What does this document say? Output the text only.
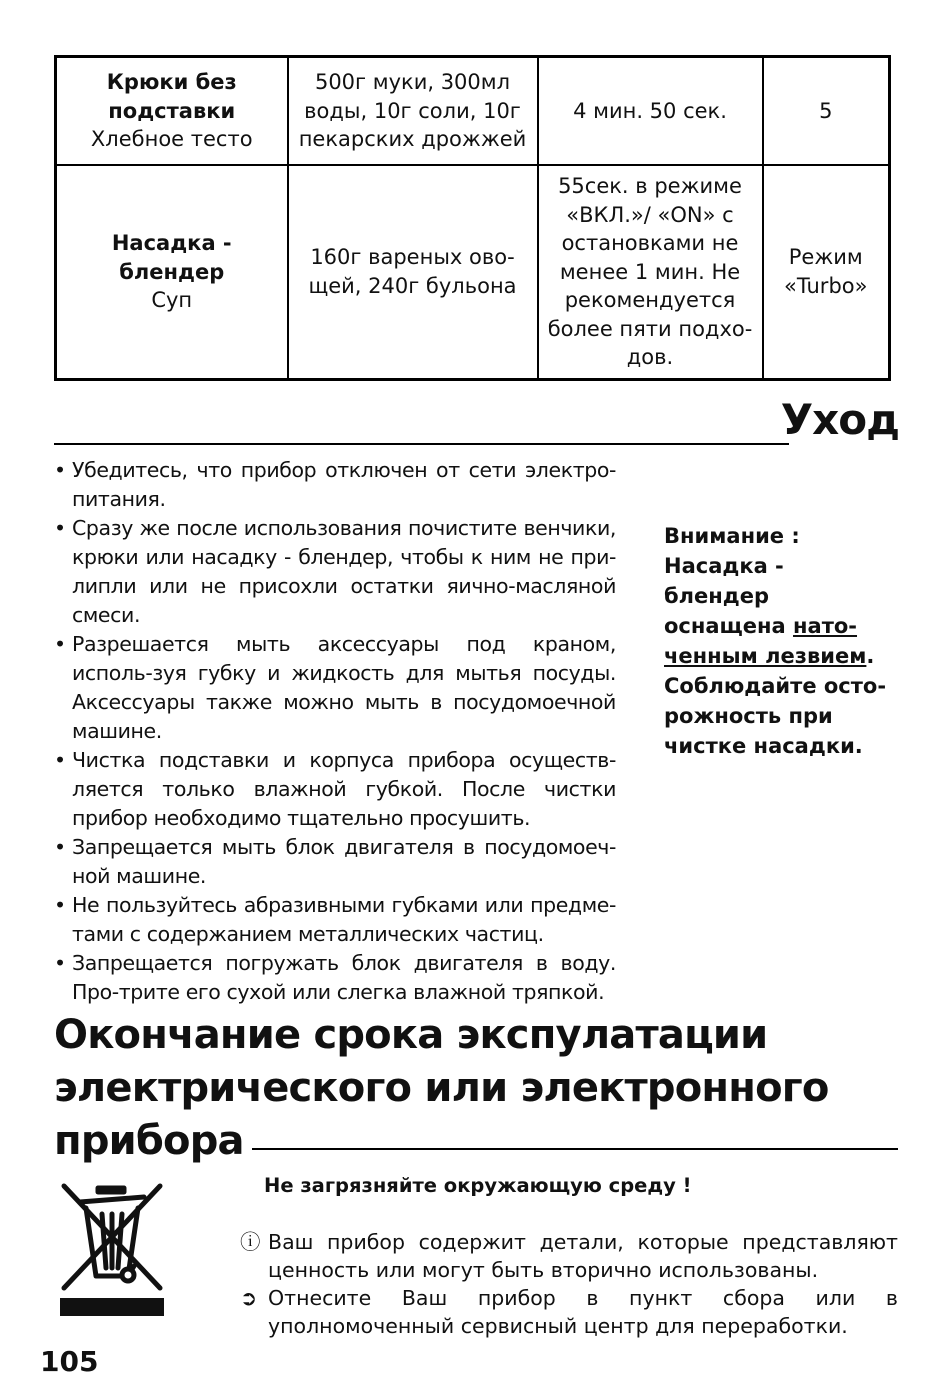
Крюки без подставки
Хлебное тесто	500г муки, 300мл воды, 10г соли, 10г пекарских дрожжей	4 мин. 50 сек.	5

Насадка - блендер
Суп	160г вареных ово-щей, 240г бульона	55сек. в режиме «ВКЛ.»/ «ON» с остановками не менее 1 мин. Не рекомендуется более пяти подхо-дов.	Режим «Turbo»
Уход
• Убедитесь, что прибор отключен от сети электро-питания.
• Сразу же после использования почистите венчики, крюки или насадку - блендер, чтобы к ним не при-липли или не присохли остатки яично-масляной смеси.
• Разрешается мыть аксессуары под краном, исполь-зуя губку и жидкость для мытья посуды. Аксессуары также можно мыть в посудомоечной машине.
• Чистка подставки и корпуса прибора осуществ-ляется только влажной губкой. После чистки прибор необходимо тщательно просушить.
• Запрещается мыть блок двигателя в посудомоеч-ной машине.
• Не пользуйтесь абразивными губками или предме-тами с содержанием металлических частиц.
• Запрещается погружать блок двигателя в воду. Про-трите его сухой или слегка влажной тряпкой.
Внимание : Насадка - блендер оснащена нато-ченным лезвием. Соблюдайте осто-рожность при чистке насадки.
Окончание срока экспулатации электрического или электронного прибора
Не загрязняйте окружающую среду !
ⓘ Ваш прибор содержит детали, которые представляют ценность или могут быть вторично использованы.
➲ Отнесите Ваш прибор в пункт сбора или в уполномоченный сервисный центр для переработки.
105
